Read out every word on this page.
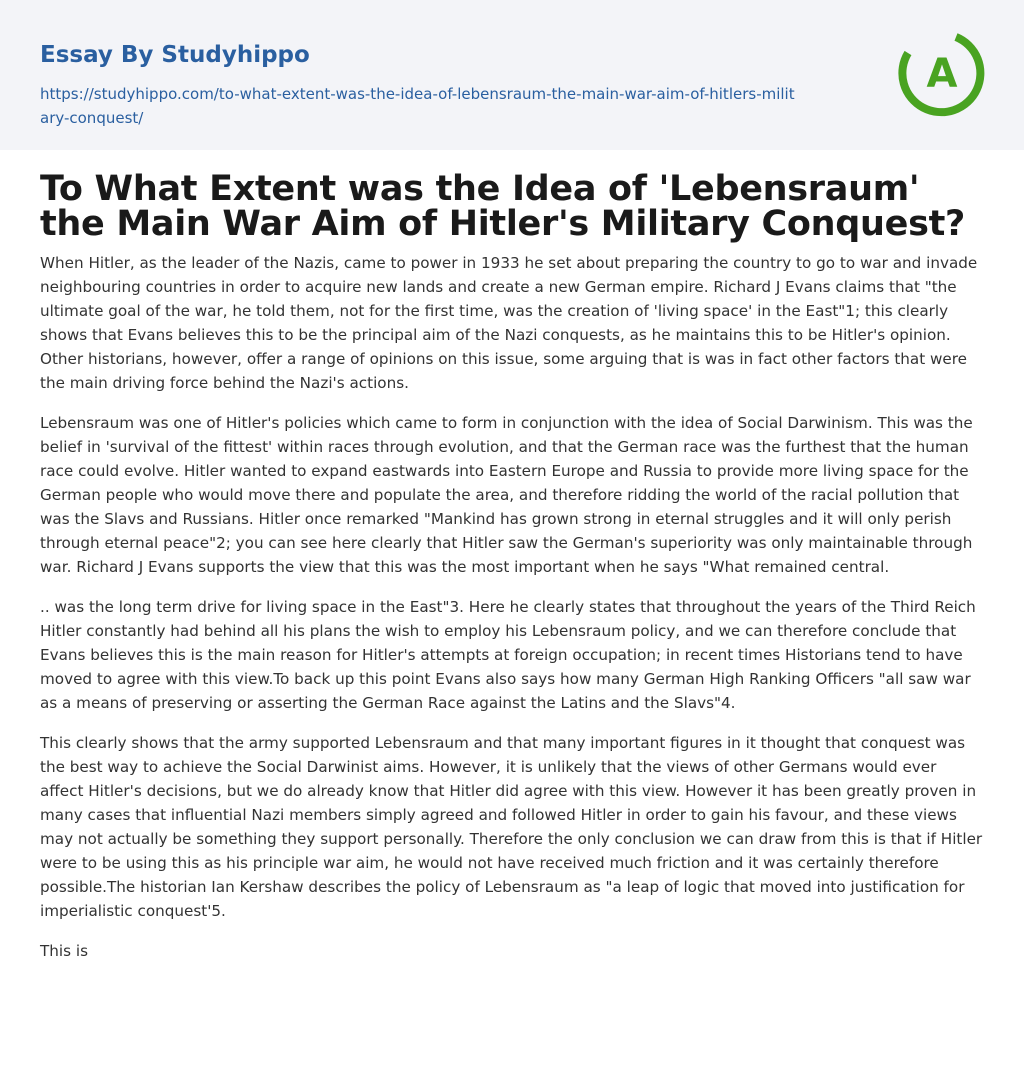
Essay By Studyhippo
https://studyhippo.com/to-what-extent-was-the-idea-of-lebensraum-the-main-war-aim-of-hitlers-military-conquest/
A
To What Extent was the Idea of 'Lebensraum' the Main War Aim of Hitler's Military Conquest?

When Hitler, as the leader of the Nazis, came to power in 1933 he set about preparing the country to go to war and invade neighbouring countries in order to acquire new lands and create a new German empire. Richard J Evans claims that "the ultimate goal of the war, he told them, not for the first time, was the creation of 'living space' in the East"1; this clearly shows that Evans believes this to be the principal aim of the Nazi conquests, as he maintains this to be Hitler's opinion. Other historians, however, offer a range of opinions on this issue, some arguing that is was in fact other factors that were the main driving force behind the Nazi's actions.

Lebensraum was one of Hitler's policies which came to form in conjunction with the idea of Social Darwinism. This was the belief in 'survival of the fittest' within races through evolution, and that the German race was the furthest that the human race could evolve. Hitler wanted to expand eastwards into Eastern Europe and Russia to provide more living space for the German people who would move there and populate the area, and therefore ridding the world of the racial pollution that was the Slavs and Russians. Hitler once remarked "Mankind has grown strong in eternal struggles and it will only perish through eternal peace"2; you can see here clearly that Hitler saw the German's superiority was only maintainable through war. Richard J Evans supports the view that this was the most important when he says "What remained central.

.. was the long term drive for living space in the East"3. Here he clearly states that throughout the years of the Third Reich Hitler constantly had behind all his plans the wish to employ his Lebensraum policy, and we can therefore conclude that Evans believes this is the main reason for Hitler's attempts at foreign occupation; in recent times Historians tend to have moved to agree with this view.To back up this point Evans also says how many German High Ranking Officers "all saw war as a means of preserving or asserting the German Race against the Latins and the Slavs"4.

This clearly shows that the army supported Lebensraum and that many important figures in it thought that conquest was the best way to achieve the Social Darwinist aims. However, it is unlikely that the views of other Germans would ever affect Hitler's decisions, but we do already know that Hitler did agree with this view. However it has been greatly proven in many cases that influential Nazi members simply agreed and followed Hitler in order to gain his favour, and these views may not actually be something they support personally. Therefore the only conclusion we can draw from this is that if Hitler were to be using this as his principle war aim, he would not have received much friction and it was certainly therefore possible.The historian Ian Kershaw describes the policy of Lebensraum as "a leap of logic that moved into justification for imperialistic conquest'5.

This is
